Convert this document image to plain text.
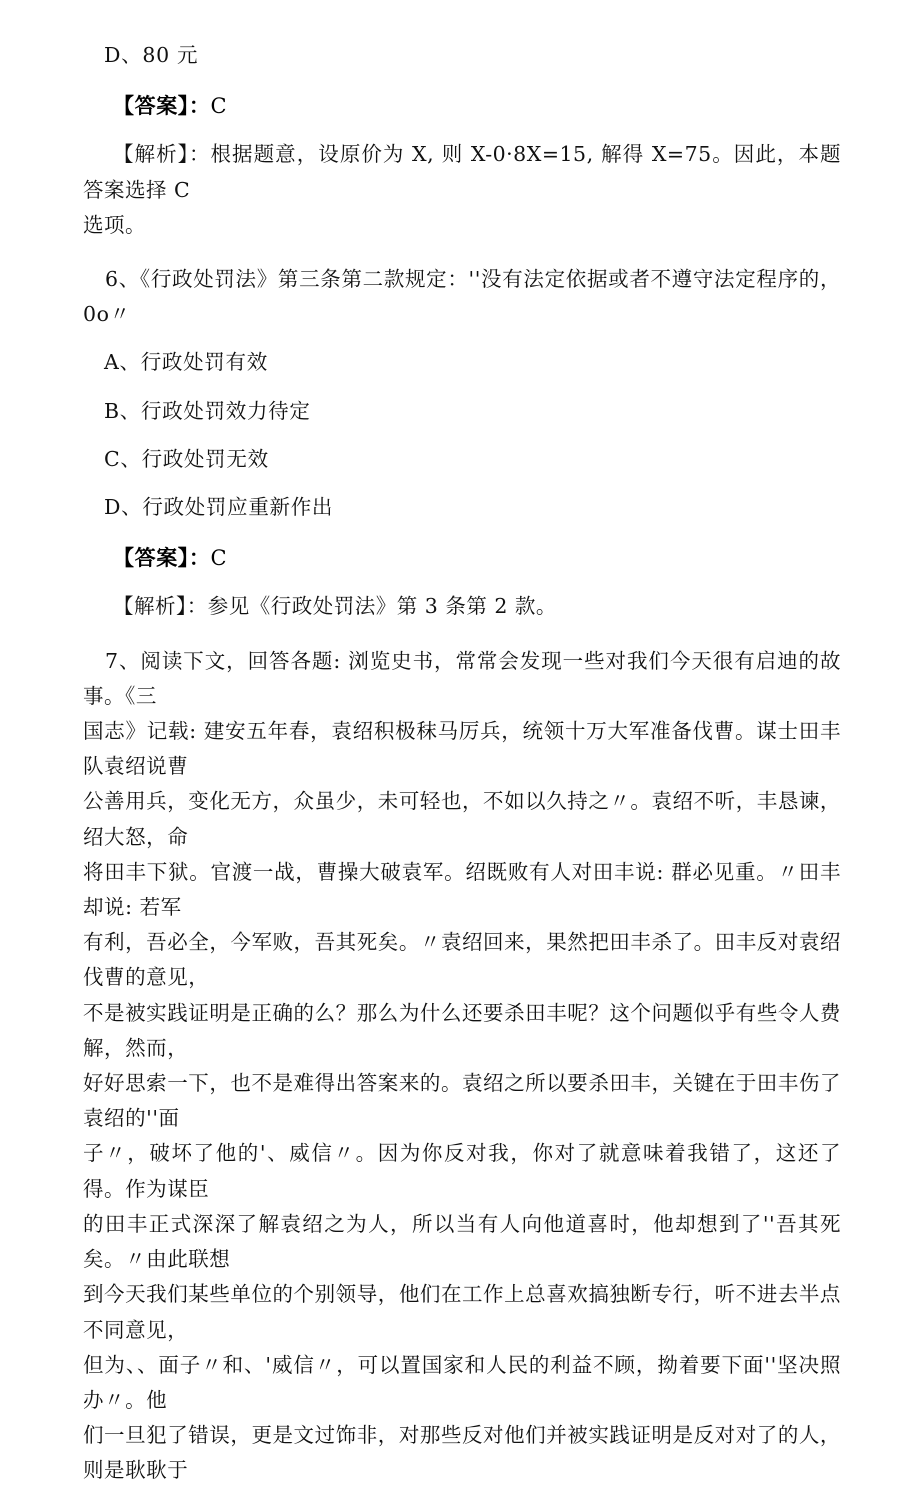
D、80 元

【答案】：C

【解析】：根据题意，设原价为 X, 则 X-0·8X=15, 解得 X=75。因此，本题答案选择 C

选项。

6、《行政处罚法》第三条第二款规定：''没有法定依据或者不遵守法定程序的，0o〃

A、行政处罚有效

B、行政处罚效力待定

C、行政处罚无效

D、行政处罚应重新作出

【答案】：C

【解析】：参见《行政处罚法》第 3 条第 2 款。

7、阅读下文，回答各题: 浏览史书，常常会发现一些对我们今天很有启迪的故事。《三

国志》记载: 建安五年春，袁绍积极秣马厉兵，统领十万大军准备伐曹。谋士田丰队袁绍说曹

公善用兵，变化无方，众虽少，未可轻也，不如以久持之〃。袁绍不听，丰恳谏，绍大怒，命

将田丰下狱。官渡一战，曹操大破袁军。绍既败有人对田丰说: 群必见重。〃田丰却说: 若军

有利，吾必全，今军败，吾其死矣。〃袁绍回来，果然把田丰杀了。田丰反对袁绍伐曹的意见，

不是被实践证明是正确的么？那么为什么还要杀田丰呢？这个问题似乎有些令人费解，然而，

好好思索一下，也不是难得出答案来的。袁绍之所以要杀田丰，关键在于田丰伤了袁绍的''面

子〃，破坏了他的'、威信〃。因为你反对我，你对了就意味着我错了，这还了得。作为谋臣

的田丰正式深深了解袁绍之为人，所以当有人向他道喜时，他却想到了''吾其死矣。〃由此联想

到今天我们某些单位的个别领导，他们在工作上总喜欢搞独断专行，听不进去半点不同意见，

但为、、面子〃和、'威信〃，可以置国家和人民的利益不顾，拗着要下面''坚决照办〃。他

们一旦犯了错误，更是文过饰非，对那些反对他们并被实践证明是反对对了的人，则是耿耿于
